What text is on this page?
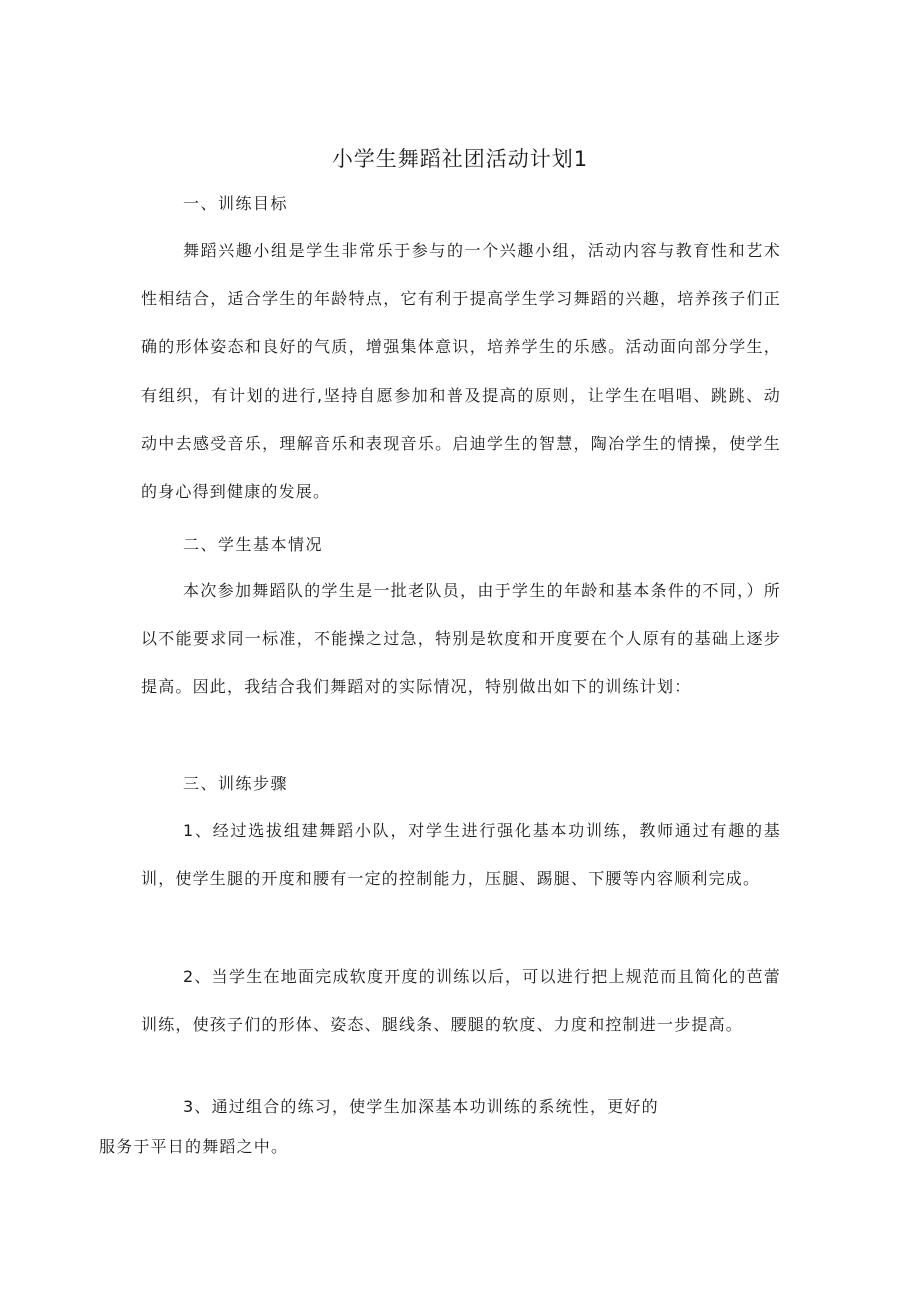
小学生舞蹈社团活动计划1
一、训练目标

舞蹈兴趣小组是学生非常乐于参与的一个兴趣小组，活动内容与教育性和艺术性相结合，适合学生的年龄特点，它有利于提高学生学习舞蹈的兴趣，培养孩子们正确的形体姿态和良好的气质，增强集体意识，培养学生的乐感。活动面向部分学生，有组织，有计划的进行,坚持自愿参加和普及提高的原则，让学生在唱唱、跳跳、动动中去感受音乐，理解音乐和表现音乐。启迪学生的智慧，陶冶学生的情操，使学生的身心得到健康的发展。

二、学生基本情况

本次参加舞蹈队的学生是一批老队员，由于学生的年龄和基本条件的不同，）所以不能要求同一标准，不能操之过急，特别是软度和开度要在个人原有的基础上逐步提高。因此，我结合我们舞蹈对的实际情况，特别做出如下的训练计划：

三、训练步骤

1、经过选拔组建舞蹈小队，对学生进行强化基本功训练，教师通过有趣的基训，使学生腿的开度和腰有一定的控制能力，压腿、踢腿、下腰等内容顺利完成。

2、当学生在地面完成软度开度的训练以后，可以进行把上规范而且简化的芭蕾训练，使孩子们的形体、姿态、腿线条、腰腿的软度、力度和控制进一步提高。

3、通过组合的练习，使学生加深基本功训练的系统性，更好的
服务于平日的舞蹈之中。
